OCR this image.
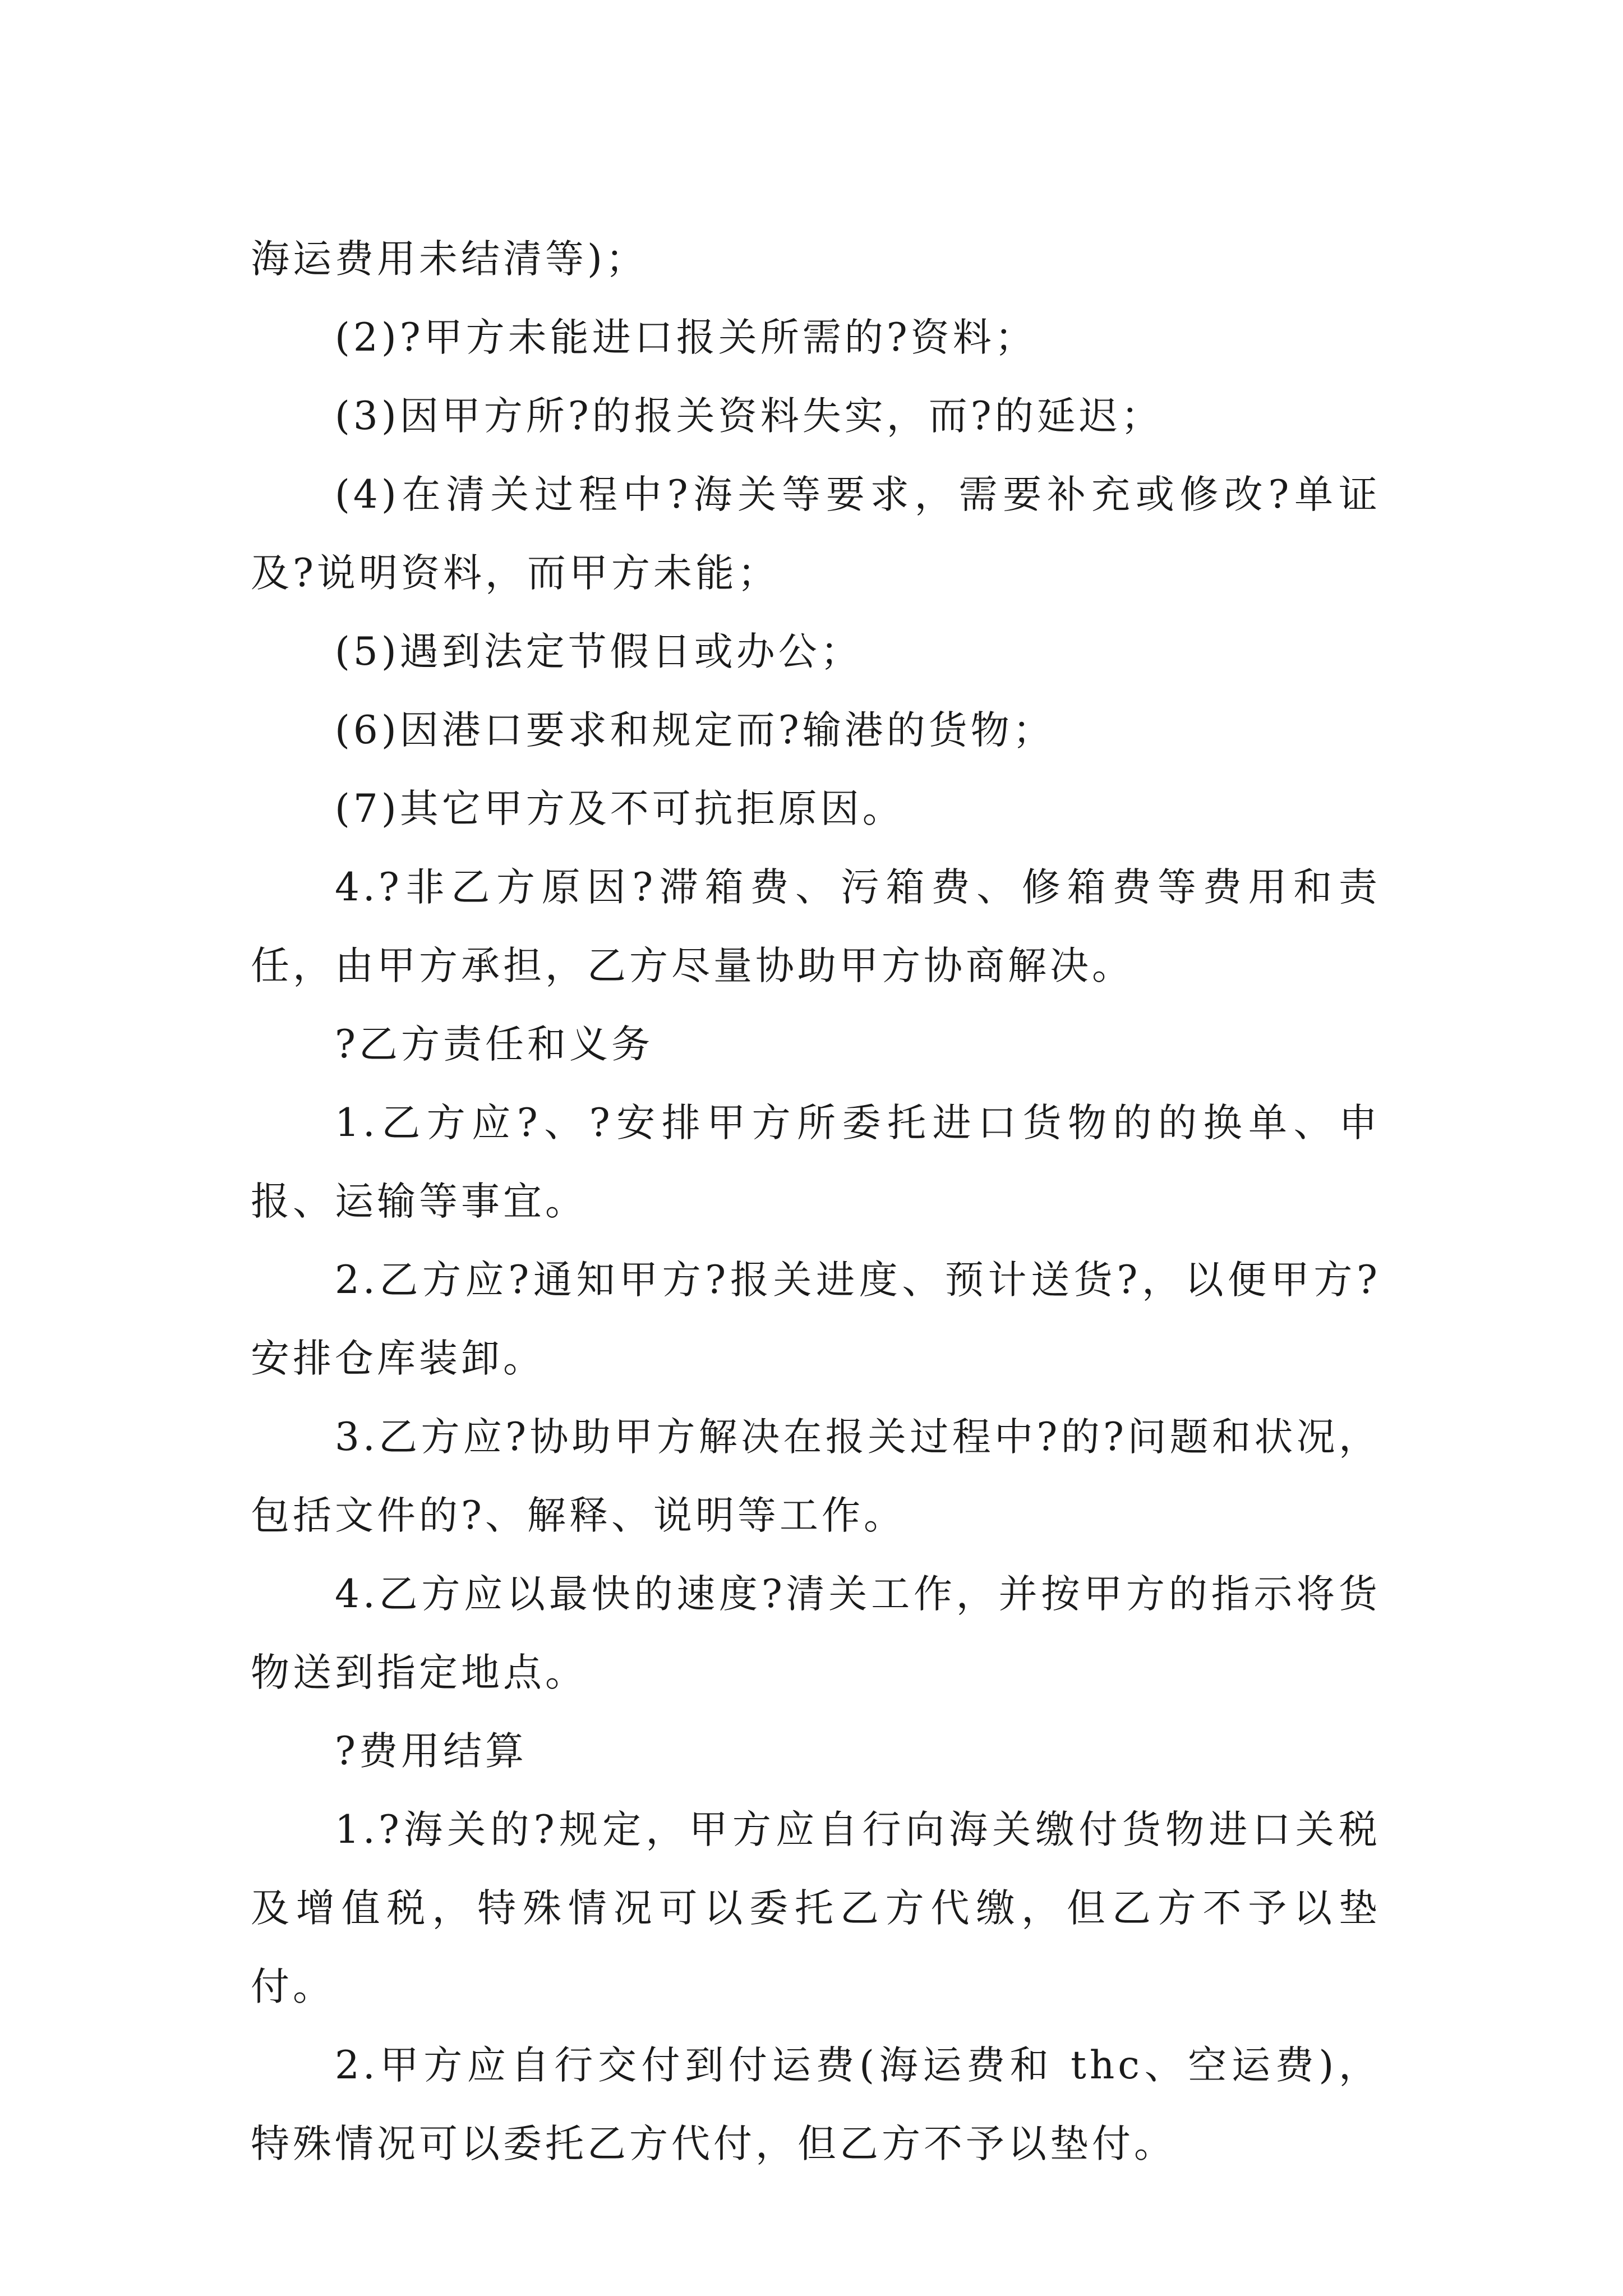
海运费用未结清等)；

(2)?甲方未能进口报关所需的?资料；

(3)因甲方所?的报关资料失实，而?的延迟；

(4)在清关过程中?海关等要求，需要补充或修改?单证及?说明资料，而甲方未能；

(5)遇到法定节假日或办公；

(6)因港口要求和规定而?输港的货物；

(7)其它甲方及不可抗拒原因。

4.?非乙方原因?滞箱费、污箱费、修箱费等费用和责任，由甲方承担，乙方尽量协助甲方协商解决。

?乙方责任和义务

1.乙方应?、?安排甲方所委托进口货物的的换单、申报、运输等事宜。

2.乙方应?通知甲方?报关进度、预计送货?，以便甲方?安排仓库装卸。

3.乙方应?协助甲方解决在报关过程中?的?问题和状况，包括文件的?、解释、说明等工作。

4.乙方应以最快的速度?清关工作，并按甲方的指示将货物送到指定地点。

?费用结算

1.?海关的?规定，甲方应自行向海关缴付货物进口关税及增值税，特殊情况可以委托乙方代缴，但乙方不予以垫付。

2.甲方应自行交付到付运费(海运费和 thc、空运费)，特殊情况可以委托乙方代付，但乙方不予以垫付。
